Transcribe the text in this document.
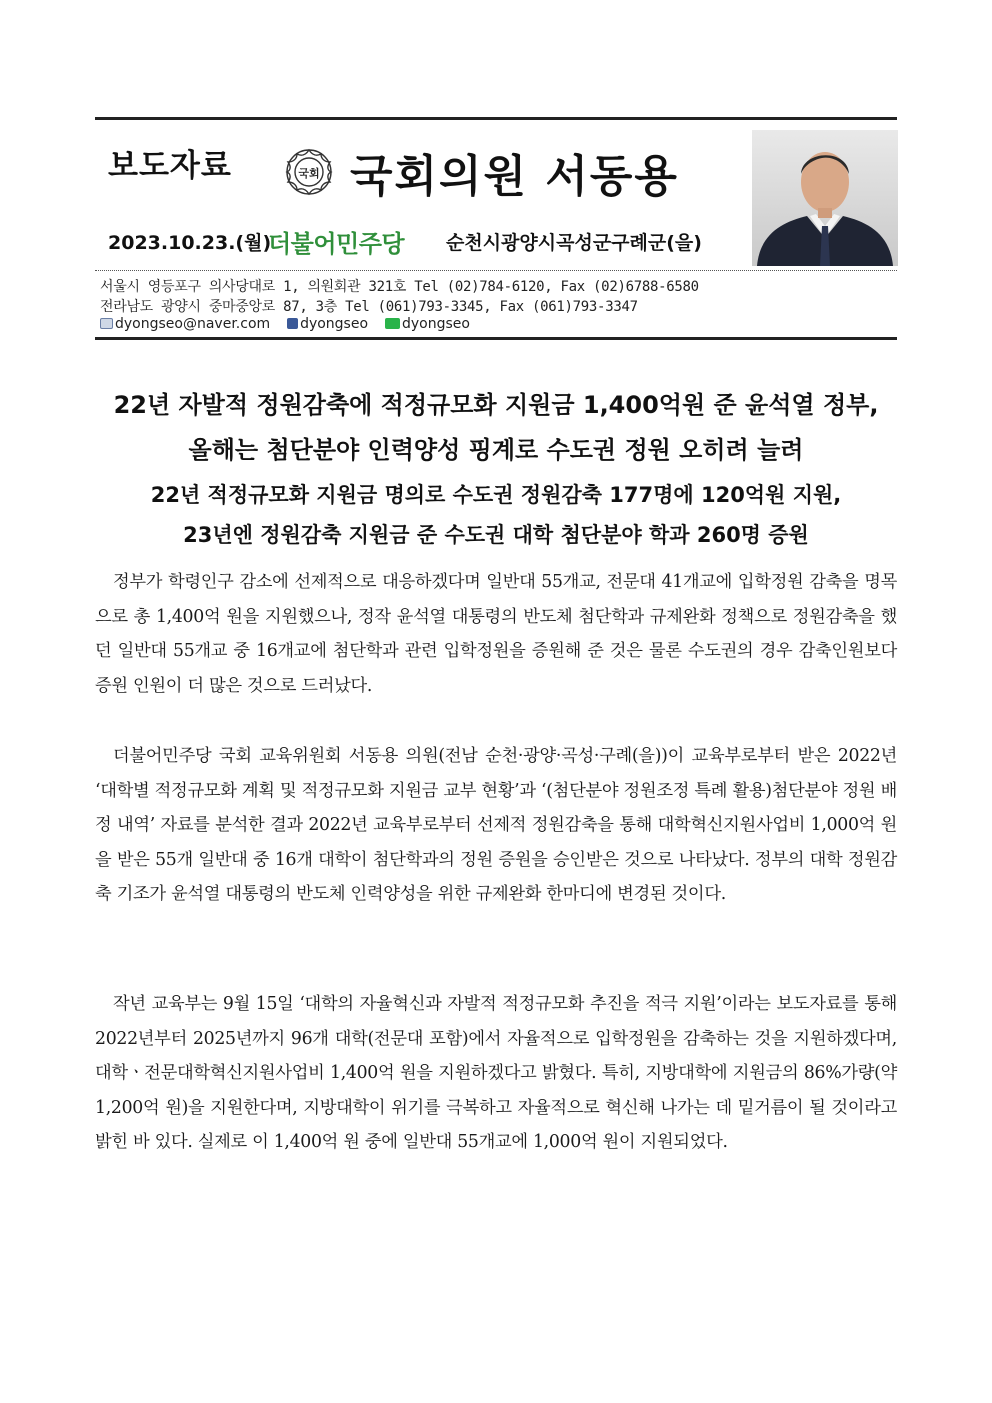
보도자료	국회 국회의원 서동용
2023.10.23.(월)
더불어민주당 순천시광양시곡성군구례군(을)
서울시 영등포구 의사당대로 1, 의원회관 321호 Tel (02)784-6120, Fax (02)6788-6580
전라남도 광양시 중마중앙로 87, 3층 Tel (061)793-3345, Fax (061)793-3347
dyongseo@naver.com dyongseo dyongseo
22년 자발적 정원감축에 적정규모화 지원금 1,400억원 준 윤석열 정부,
올해는 첨단분야 인력양성 핑계로 수도권 정원 오히려 늘려
22년 적정규모화 지원금 명의로 수도권 정원감축 177명에 120억원 지원,
23년엔 정원감축 지원금 준 수도권 대학 첨단분야 학과 260명 증원

정부가 학령인구 감소에 선제적으로 대응하겠다며 일반대 55개교, 전문대 41개교에 입학정원 감축을 명목으로 총 1,400억 원을 지원했으나, 정작 윤석열 대통령의 반도체 첨단학과 규제완화 정책으로 정원감축을 했던 일반대 55개교 중 16개교에 첨단학과 관련 입학정원을 증원해 준 것은 물론 수도권의 경우 감축인원보다 증원 인원이 더 많은 것으로 드러났다.

더불어민주당 국회 교육위원회 서동용 의원(전남 순천·광양·곡성·구례(을))이 교육부로부터 받은 2022년 ‘대학별 적정규모화 계획 및 적정규모화 지원금 교부 현황’과 ‘(첨단분야 정원조정 특례 활용)첨단분야 정원 배정 내역’ 자료를 분석한 결과 2022년 교육부로부터 선제적 정원감축을 통해 대학혁신지원사업비 1,000억 원을 받은 55개 일반대 중 16개 대학이 첨단학과의 정원 증원을 승인받은 것으로 나타났다. 정부의 대학 정원감축 기조가 윤석열 대통령의 반도체 인력양성을 위한 규제완화 한마디에 변경된 것이다.

작년 교육부는 9월 15일 ‘대학의 자율혁신과 자발적 적정규모화 추진을 적극 지원’이라는 보도자료를 통해 2022년부터 2025년까지 96개 대학(전문대 포함)에서 자율적으로 입학정원을 감축하는 것을 지원하겠다며, 대학ㆍ전문대학혁신지원사업비 1,400억 원을 지원하겠다고 밝혔다. 특히, 지방대학에 지원금의 86%가량(약 1,200억 원)을 지원한다며, 지방대학이 위기를 극복하고 자율적으로 혁신해 나가는 데 밑거름이 될 것이라고 밝힌 바 있다. 실제로 이 1,400억 원 중에 일반대 55개교에 1,000억 원이 지원되었다.
